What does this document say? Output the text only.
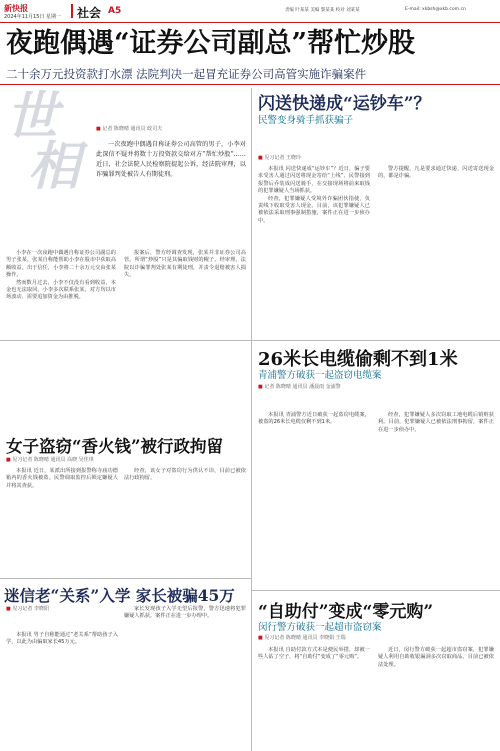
新快报
2024年11月15日 星期一 社会 A5	责编 叶某某 美编 黎某某 校对 刘某某	E-mail: xkbsh@xkb.com.cn
夜跑偶遇“证券公司副总”帮忙炒股
二十余万元投资款打水漂 法院判决一起冒充证券公司高管实施诈骗案件
世
相
■ 记者 陈晓晴 通讯员 政司夫
一次夜跑中偶遇自称证券公司高管的男子，小李对此深信不疑并将数十万投资款交给对方“帮忙炒股”……近日，社会法院人民检察院提起公诉，经法院审理，以诈骗罪判处被告人有期徒刑。

小李在一次夜跑中偶遇自称证券公司副总的男子张某，张某自称能帮助小李在股市中获取高额收益。出于信任，小李将二十余万元交由张某操作。

然而数月过去，小李不仅没有看到收益，本金也无法取回。小李多次联系张某，对方均以市场波动、需要追加资金为由推脱。

报案后，警方经调查发现，张某并非证券公司高管，所谓“炒股”只是其骗取钱财的幌子。经审理，法院以诈骗罪判处张某有期徒刑，并责令退赔被害人损失。

闪送快递成“运钞车”？
民警变身骑手抓获骗子
■ 见习记者 王晓玲

本报讯 闪送快递成“运钞车”？近日，骗子要求受害人通过闪送将现金寄给“上线”，民警接到报警后乔装成闪送骑手，在交接现场将前来取钱的犯罪嫌疑人当场抓获。

经查，犯罪嫌疑人受境外诈骗团伙指使，负责线下收取受害人现金。目前，该犯罪嫌疑人已被依法采取刑事强制措施，案件正在进一步侦办中。

警方提醒，凡是要求通过快递、闪送寄送现金的，都是诈骗。

26米长电缆偷剩不到1米
青浦警方破获一起盗窃电缆案
■ 记者 陈晓晴 通讯员 潘晨雨 金浦警

本报讯 青浦警方近日破获一起盗窃电缆案，被盗的26米长电缆仅剩不到1米。

经查，犯罪嫌疑人多次窃取工地电缆后销赃获利。目前，犯罪嫌疑人已被依法刑事拘留，案件正在进一步侦办中。

女子盗窃“香火钱”被行政拘留
■ 见习记者 陈晓晴 通讯员 高晓 吴佳琪

本报讯 近日，某派出所接到报警称寺庙功德箱内的香火钱被盗。民警调取监控后锁定嫌疑人并将其查获。

经查，该女子对盗窃行为供认不讳，目前已被依法行政拘留。

迷信老“关系”入学 家长被骗45万
■ 见习记者 李晓阳

本报讯 男子自称能通过“老关系”帮助孩子入学，以此为由骗取家长45万元。

家长发现孩子入学无望后报警，警方迅速将犯罪嫌疑人抓获。案件正在进一步办理中。	“自助付”变成“零元购”
闵行警方破获一起超市盗窃案
■ 见习记者 陈晓晴 通讯员 李晓娟 王瑞

本报讯 自助付款方式本是便民举措，却被一些人钻了空子，将“自助付”变成了“零元购”。

近日，闵行警方破获一起超市盗窃案，犯罪嫌疑人利用自助收银漏洞多次窃取商品，目前已被依法处理。
